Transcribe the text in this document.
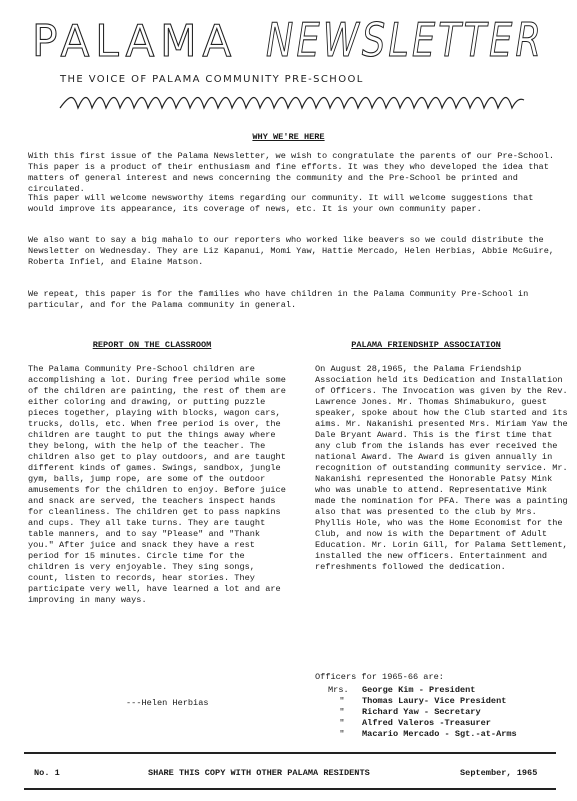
PALAMA NEWSLETTER
THE VOICE OF PALAMA COMMUNITY PRE-SCHOOL
WHY WE'RE HERE

With this first issue of the Palama Newsletter, we wish to congratulate the parents of our Pre-School. This paper is a product of their enthusiasm and fine efforts. It was they who developed the idea that matters of general interest and news concerning the community and the Pre-School be printed and circulated.

This paper will welcome newsworthy items regarding our community. It will welcome suggestions that would improve its appearance, its coverage of news, etc. It is your own community paper.

We also want to say a big mahalo to our reporters who worked like beavers so we could distribute the Newsletter on Wednesday. They are Liz Kapanui, Momi Yaw, Hattie Mercado, Helen Herbias, Abbie McGuire, Roberta Infiel, and Elaine Matson.

We repeat, this paper is for the families who have children in the Palama Community Pre-School in particular, and for the Palama community in general.

REPORT ON THE CLASSROOM	PALAMA FRIENDSHIP ASSOCIATION

The Palama Community Pre-School children are accomplishing a lot. During free period while some of the children are painting, the rest of them are either coloring and drawing, or putting puzzle pieces together, playing with blocks, wagon cars, trucks, dolls, etc. When free period is over, the children are taught to put the things away where they belong, with the help of the teacher. The children also get to play outdoors, and are taught different kinds of games. Swings, sandbox, jungle gym, balls, jump rope, are some of the outdoor amusements for the children to enjoy. Before juice and snack are served, the teachers inspect hands for cleanliness. The children get to pass napkins and cups. They all take turns. They are taught table manners, and to say "Please" and "Thank you." After juice and snack they have a rest period for 15 minutes. Circle time for the children is very enjoyable. They sing songs, count, listen to records, hear stories. They participate very well, have learned a lot and are improving in many ways.

---Helen Herbias

On August 28,1965, the Palama Friendship Association held its Dedication and Installation of Officers. The Invocation was given by the Rev. Lawrence Jones. Mr. Thomas Shimabukuro, guest speaker, spoke about how the Club started and its aims. Mr. Nakanishi presented Mrs. Miriam Yaw the Dale Bryant Award. This is the first time that any club from the islands has ever received the national Award. The Award is given annually in recognition of outstanding community service. Mr. Nakanishi represented the Honorable Patsy Mink who was unable to attend. Representative Mink made the nomination for PFA. There was a painting also that was presented to the club by Mrs. Phyllis Hole, who was the Home Economist for the Club, and now is with the Department of Adult Education. Mr. Lorin Gill, for Palama Settlement, installed the new officers. Entertainment and refreshments followed the dedication.

Officers for 1965-66 are:
Mrs.	George Kim - President
"	Thomas Laury- Vice President
"	Richard Yaw - Secretary
"	Alfred Valeros -Treasurer
"	Macario Mercado - Sgt.-at-Arms
No. 1	SHARE THIS COPY WITH OTHER PALAMA RESIDENTS	September, 1965
